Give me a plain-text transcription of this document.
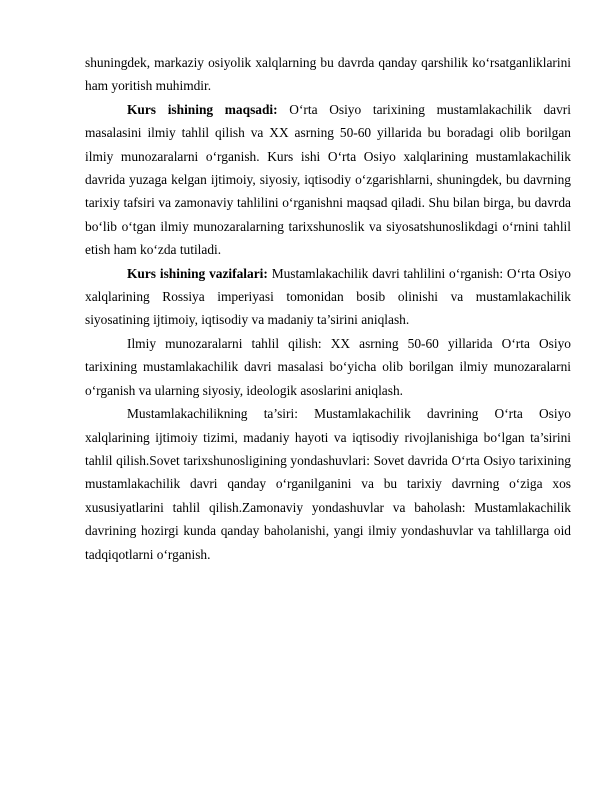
shuningdek, markaziy osiyolik xalqlarning bu davrda qanday qarshilik ko‘rsatganliklarini ham yoritish muhimdir.

Kurs ishining maqsadi: O‘rta Osiyo tarixining mustamlakachilik davri masalasini ilmiy tahlil qilish va XX asrning 50-60 yillarida bu boradagi olib borilgan ilmiy munozaralarni o‘rganish. Kurs ishi O‘rta Osiyo xalqlarining mustamlakachilik davrida yuzaga kelgan ijtimoiy, siyosiy, iqtisodiy o‘zgarishlarni, shuningdek, bu davrning tarixiy tafsiri va zamonaviy tahlilini o‘rganishni maqsad qiladi. Shu bilan birga, bu davrda bo‘lib o‘tgan ilmiy munozaralarning tarixshunoslik va siyosatshunoslikdagi o‘rnini tahlil etish ham ko‘zda tutiladi.

Kurs ishining vazifalari: Mustamlakachilik davri tahlilini o‘rganish: O‘rta Osiyo xalqlarining Rossiya imperiyasi tomonidan bosib olinishi va mustamlakachilik siyosatining ijtimoiy, iqtisodiy va madaniy ta’sirini aniqlash.

Ilmiy munozaralarni tahlil qilish: XX asrning 50-60 yillarida O‘rta Osiyo tarixining mustamlakachilik davri masalasi bo‘yicha olib borilgan ilmiy munozaralarni o‘rganish va ularning siyosiy, ideologik asoslarini aniqlash.

Mustamlakachilikning ta’siri: Mustamlakachilik davrining O‘rta Osiyo xalqlarining ijtimoiy tizimi, madaniy hayoti va iqtisodiy rivojlanishiga bo‘lgan ta’sirini tahlil qilish.Sovet tarixshunosligining yondashuvlari: Sovet davrida O‘rta Osiyo tarixining mustamlakachilik davri qanday o‘rganilganini va bu tarixiy davrning o‘ziga xos xususiyatlarini tahlil qilish.Zamonaviy yondashuvlar va baholash: Mustamlakachilik davrining hozirgi kunda qanday baholanishi, yangi ilmiy yondashuvlar va tahlillarga oid tadqiqotlarni o‘rganish.
